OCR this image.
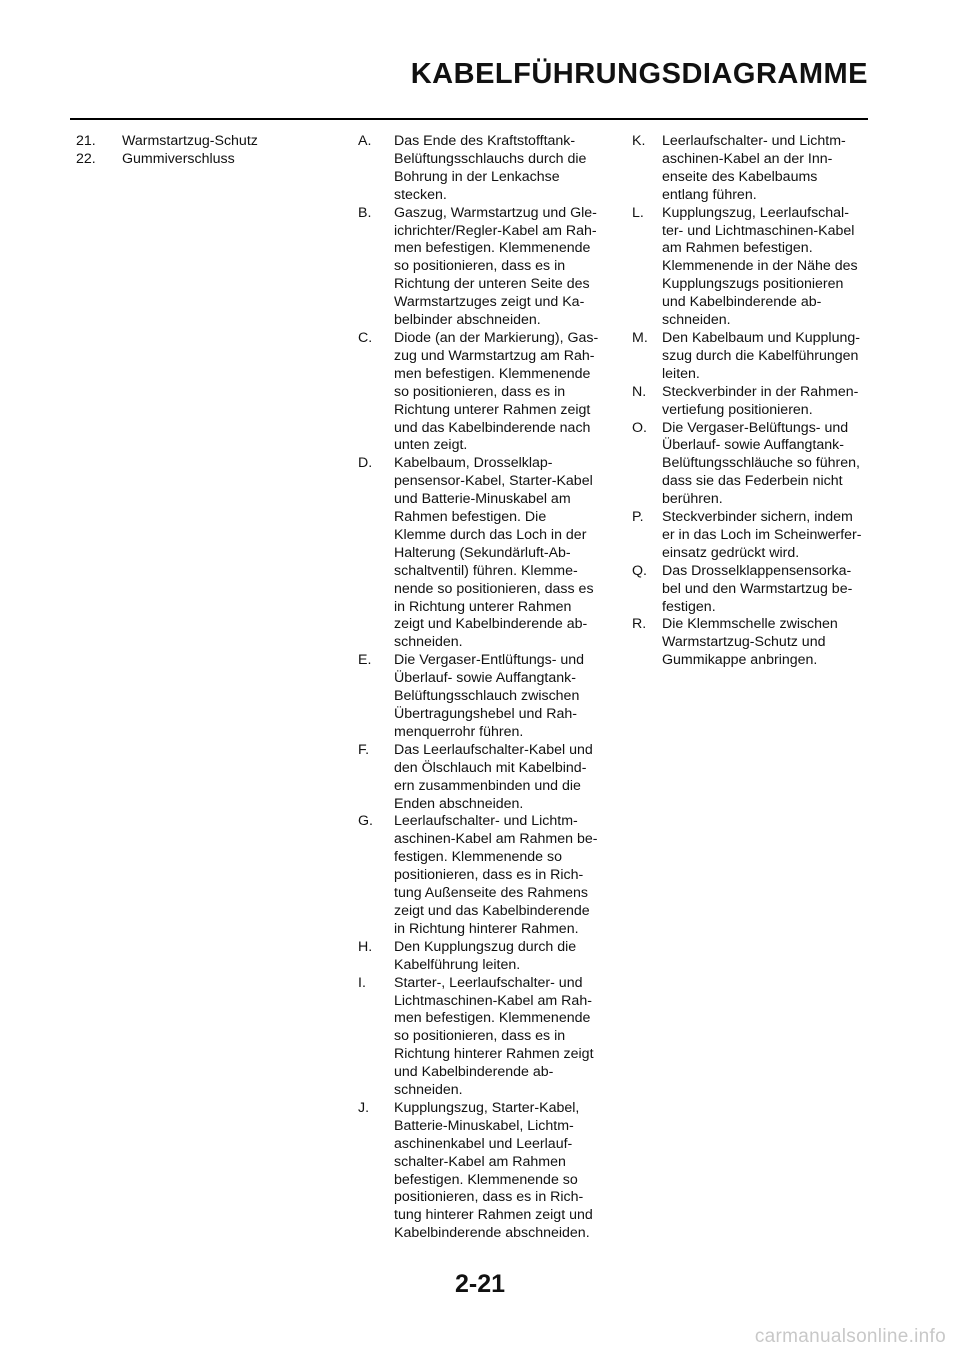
KABELFÜHRUNGSDIAGRAMME
21.	Warmstartzug-Schutz
22.	Gummiverschluss
A.	Das Ende des Kraftstofftank-
Belüftungsschlauchs durch die
Bohrung in der Lenkachse
stecken.
B.	Gaszug, Warmstartzug und Gle-
ichrichter/Regler-Kabel am Rah-
men befestigen. Klemmenende
so positionieren, dass es in
Richtung der unteren Seite des
Warmstartzuges zeigt und Ka-
belbinder abschneiden.
C.	Diode (an der Markierung), Gas-
zug und Warmstartzug am Rah-
men befestigen. Klemmenende
so positionieren, dass es in
Richtung unterer Rahmen zeigt
und das Kabelbinderende nach
unten zeigt.
D.	Kabelbaum, Drosselklap-
pensensor-Kabel, Starter-Kabel
und Batterie-Minuskabel am
Rahmen befestigen. Die
Klemme durch das Loch in der
Halterung (Sekundärluft-Ab-
schaltventil) führen. Klemme-
nende so positionieren, dass es
in Richtung unterer Rahmen
zeigt und Kabelbinderende ab-
schneiden.
E.	Die Vergaser-Entlüftungs- und
Überlauf- sowie Auffangtank-
Belüftungsschlauch zwischen
Übertragungshebel und Rah-
menquerrohr führen.
F.	Das Leerlaufschalter-Kabel und
den Ölschlauch mit Kabelbind-
ern zusammenbinden und die
Enden abschneiden.
G.	Leerlaufschalter- und Lichtm-
aschinen-Kabel am Rahmen be-
festigen. Klemmenende so
positionieren, dass es in Rich-
tung Außenseite des Rahmens
zeigt und das Kabelbinderende
in Richtung hinterer Rahmen.
H.	Den Kupplungszug durch die
Kabelführung leiten.
I.	Starter-, Leerlaufschalter- und
Lichtmaschinen-Kabel am Rah-
men befestigen. Klemmenende
so positionieren, dass es in
Richtung hinterer Rahmen zeigt
und Kabelbinderende ab-
schneiden.
J.	Kupplungszug, Starter-Kabel,
Batterie-Minuskabel, Lichtm-
aschinenkabel und Leerlauf-
schalter-Kabel am Rahmen
befestigen. Klemmenende so
positionieren, dass es in Rich-
tung hinterer Rahmen zeigt und
Kabelbinderende abschneiden.
K.	Leerlaufschalter- und Lichtm-
aschinen-Kabel an der Inn-
enseite des Kabelbaums
entlang führen.
L.	Kupplungszug, Leerlaufschal-
ter- und Lichtmaschinen-Kabel
am Rahmen befestigen.
Klemmenende in der Nähe des
Kupplungszugs positionieren
und Kabelbinderende ab-
schneiden.
M.	Den Kabelbaum und Kupplung-
szug durch die Kabelführungen
leiten.
N.	Steckverbinder in der Rahmen-
vertiefung positionieren.
O.	Die Vergaser-Belüftungs- und
Überlauf- sowie Auffangtank-
Belüftungsschläuche so führen,
dass sie das Federbein nicht
berühren.
P.	Steckverbinder sichern, indem
er in das Loch im Scheinwerfer-
einsatz gedrückt wird.
Q.	Das Drosselklappensensorka-
bel und den Warmstartzug be-
festigen.
R.	Die Klemmschelle zwischen
Warmstartzug-Schutz und
Gummikappe anbringen.
2-21
carmanualsonline.info
